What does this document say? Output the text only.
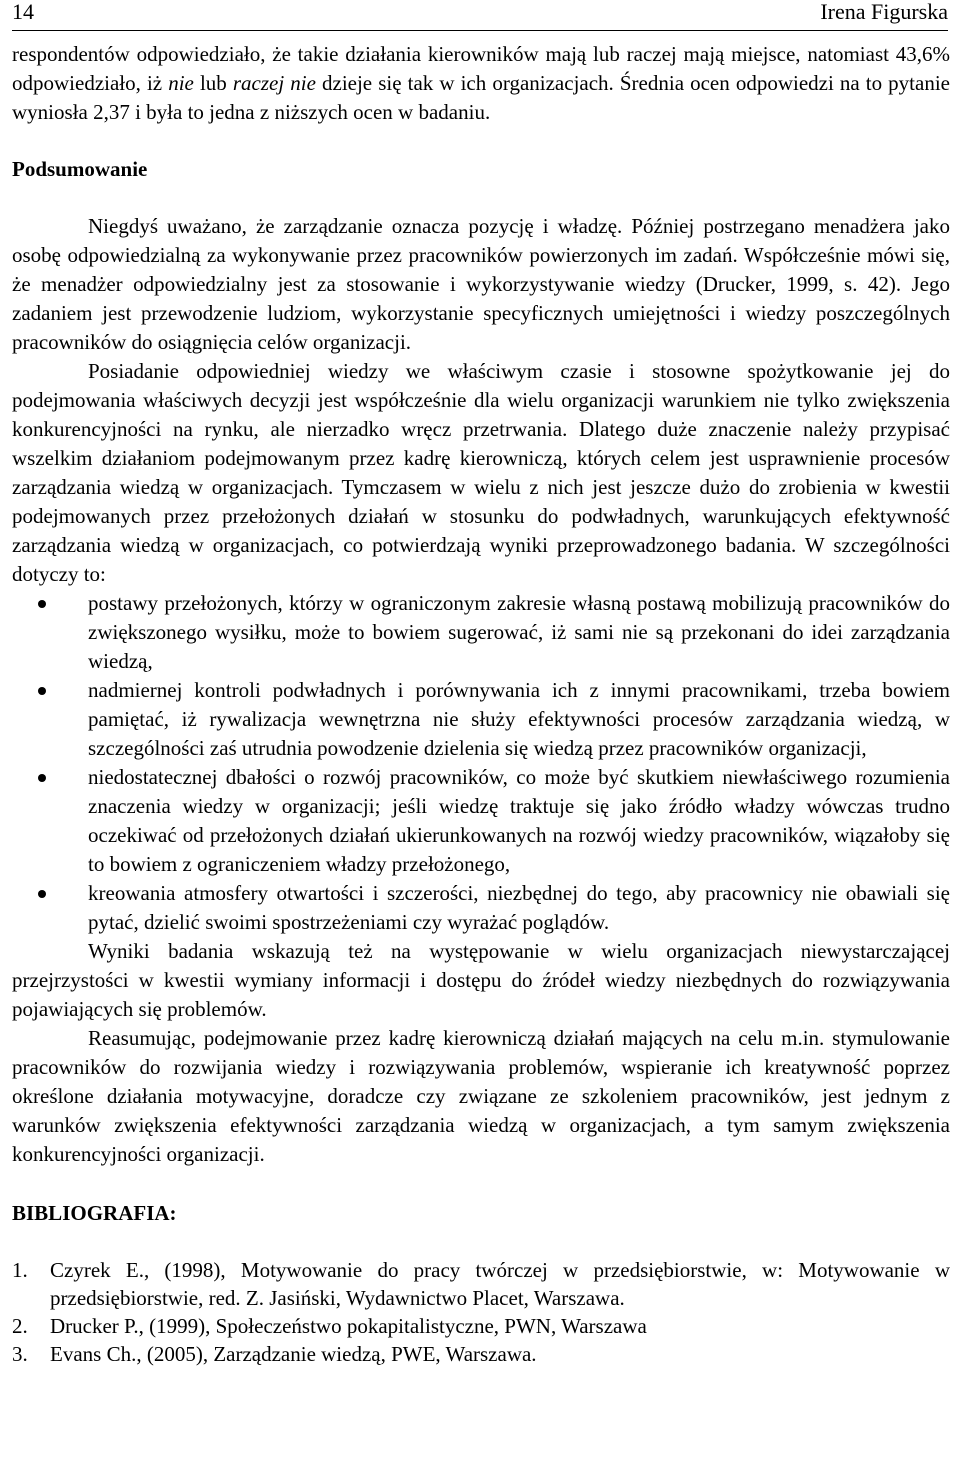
14	Irena Figurska

respondentów odpowiedziało, że takie działania kierowników mają lub raczej mają miejsce, natomiast 43,6% odpowiedziało, iż nie lub raczej nie dzieje się tak w ich organizacjach. Średnia ocen odpowiedzi na to pytanie wyniosła 2,37 i była to jedna z niższych ocen w badaniu.

Podsumowanie

Niegdyś uważano, że zarządzanie oznacza pozycję i władzę. Później postrzegano menadżera jako osobę odpowiedzialną za wykonywanie przez pracowników powierzonych im zadań. Współcześnie mówi się, że menadżer odpowiedzialny jest za stosowanie i wykorzystywanie wiedzy (Drucker, 1999, s. 42). Jego zadaniem jest przewodzenie ludziom, wykorzystanie specyficznych umiejętności i wiedzy poszczególnych pracowników do osiągnięcia celów organizacji.

Posiadanie odpowiedniej wiedzy we właściwym czasie i stosowne spożytkowanie jej do podejmowania właściwych decyzji jest współcześnie dla wielu organizacji warunkiem nie tylko zwiększenia konkurencyjności na rynku, ale nierzadko wręcz przetrwania. Dlatego duże znaczenie należy przypisać wszelkim działaniom podejmowanym przez kadrę kierowniczą, których celem jest usprawnienie procesów zarządzania wiedzą w organizacjach. Tymczasem w wielu z nich jest jeszcze dużo do zrobienia w kwestii podejmowanych przez przełożonych działań w stosunku do podwładnych, warunkujących efektywność zarządzania wiedzą w organizacjach, co potwierdzają wyniki przeprowadzonego badania. W szczególności dotyczy to:

postawy przełożonych, którzy w ograniczonym zakresie własną postawą mobilizują pracowników do zwiększonego wysiłku, może to bowiem sugerować, iż sami nie są przekonani do idei zarządzania wiedzą,
nadmiernej kontroli podwładnych i porównywania ich z innymi pracownikami, trzeba bowiem pamiętać, iż rywalizacja wewnętrzna nie służy efektywności procesów zarządzania wiedzą, w szczególności zaś utrudnia powodzenie dzielenia się wiedzą przez pracowników organizacji,
niedostatecznej dbałości o rozwój pracowników, co może być skutkiem niewłaściwego rozumienia znaczenia wiedzy w organizacji; jeśli wiedzę traktuje się jako źródło władzy wówczas trudno oczekiwać od przełożonych działań ukierunkowanych na rozwój wiedzy pracowników, wiązałoby się to bowiem z ograniczeniem władzy przełożonego,
kreowania atmosfery otwartości i szczerości, niezbędnej do tego, aby pracownicy nie obawiali się pytać, dzielić swoimi spostrzeżeniami czy wyrażać poglądów.

Wyniki badania wskazują też na występowanie w wielu organizacjach niewystarczającej przejrzystości w kwestii wymiany informacji i dostępu do źródeł wiedzy niezbędnych do rozwiązywania pojawiających się problemów.

Reasumując, podejmowanie przez kadrę kierowniczą działań mających na celu m.in. stymulowanie pracowników do rozwijania wiedzy i rozwiązywania problemów, wspieranie ich kreatywność poprzez określone działania motywacyjne, doradcze czy związane ze szkoleniem pracowników, jest jednym z warunków zwiększenia efektywności zarządzania wiedzą w organizacjach, a tym samym zwiększenia konkurencyjności organizacji.

BIBLIOGRAFIA:

1. Czyrek E., (1998), Motywowanie do pracy twórczej w przedsiębiorstwie, w: Motywowanie w przedsiębiorstwie, red. Z. Jasiński, Wydawnictwo Placet, Warszawa.
2. Drucker P., (1999), Społeczeństwo pokapitalistyczne, PWN, Warszawa
3. Evans Ch., (2005), Zarządzanie wiedzą, PWE, Warszawa.
